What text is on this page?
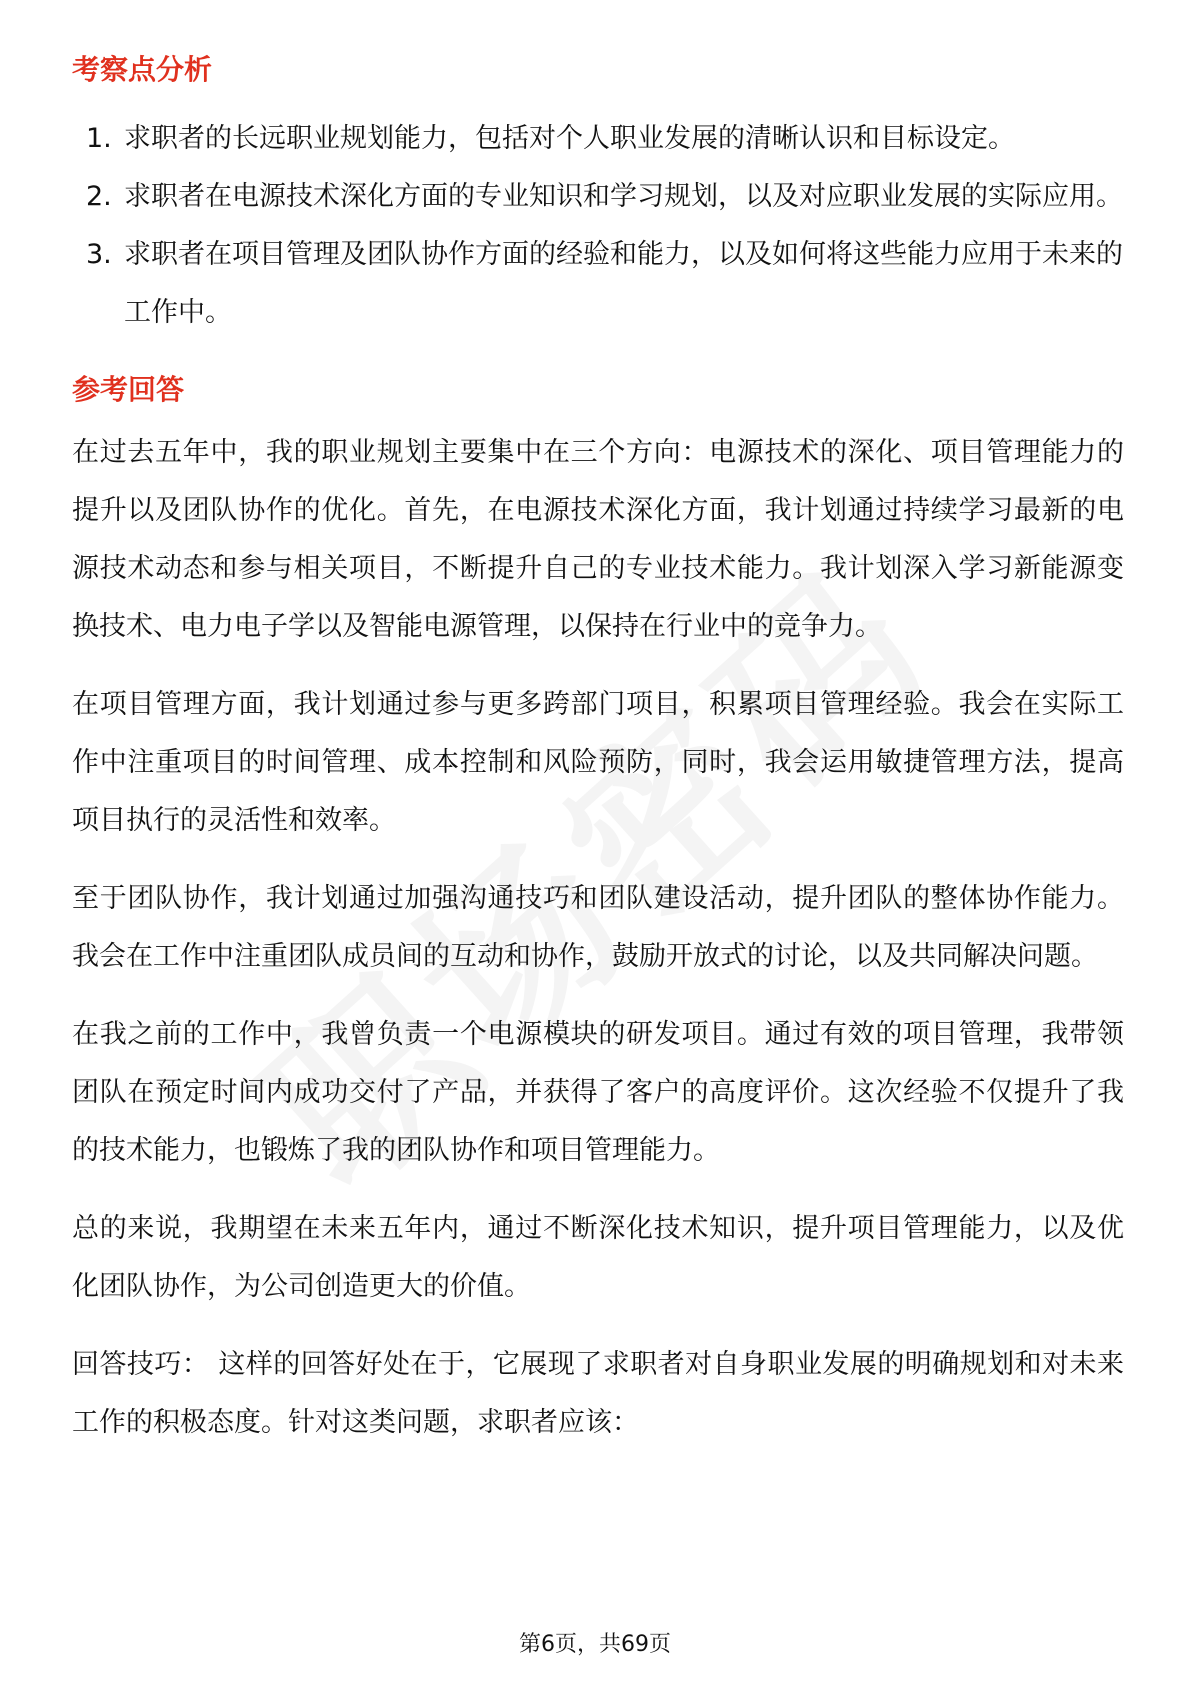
考察点分析
1. 求职者的长远职业规划能力，包括对个人职业发展的清晰认识和目标设定。
2. 求职者在电源技术深化方面的专业知识和学习规划，以及对应职业发展的实际应用。
3. 求职者在项目管理及团队协作方面的经验和能力，以及如何将这些能力应用于未来的工作中。
参考回答

在过去五年中，我的职业规划主要集中在三个方向：电源技术的深化、项目管理能力的提升以及团队协作的优化。首先，在电源技术深化方面，我计划通过持续学习最新的电源技术动态和参与相关项目，不断提升自己的专业技术能力。我计划深入学习新能源变换技术、电力电子学以及智能电源管理，以保持在行业中的竞争力。

在项目管理方面，我计划通过参与更多跨部门项目，积累项目管理经验。我会在实际工作中注重项目的时间管理、成本控制和风险预防，同时，我会运用敏捷管理方法，提高项目执行的灵活性和效率。

至于团队协作，我计划通过加强沟通技巧和团队建设活动，提升团队的整体协作能力。我会在工作中注重团队成员间的互动和协作，鼓励开放式的讨论，以及共同解决问题。

在我之前的工作中，我曾负责一个电源模块的研发项目。通过有效的项目管理，我带领团队在预定时间内成功交付了产品，并获得了客户的高度评价。这次经验不仅提升了我的技术能力，也锻炼了我的团队协作和项目管理能力。

总的来说，我期望在未来五年内，通过不断深化技术知识，提升项目管理能力，以及优化团队协作，为公司创造更大的价值。

回答技巧： 这样的回答好处在于，它展现了求职者对自身职业发展的明确规划和对未来工作的积极态度。针对这类问题，求职者应该：

第6页，共69页
